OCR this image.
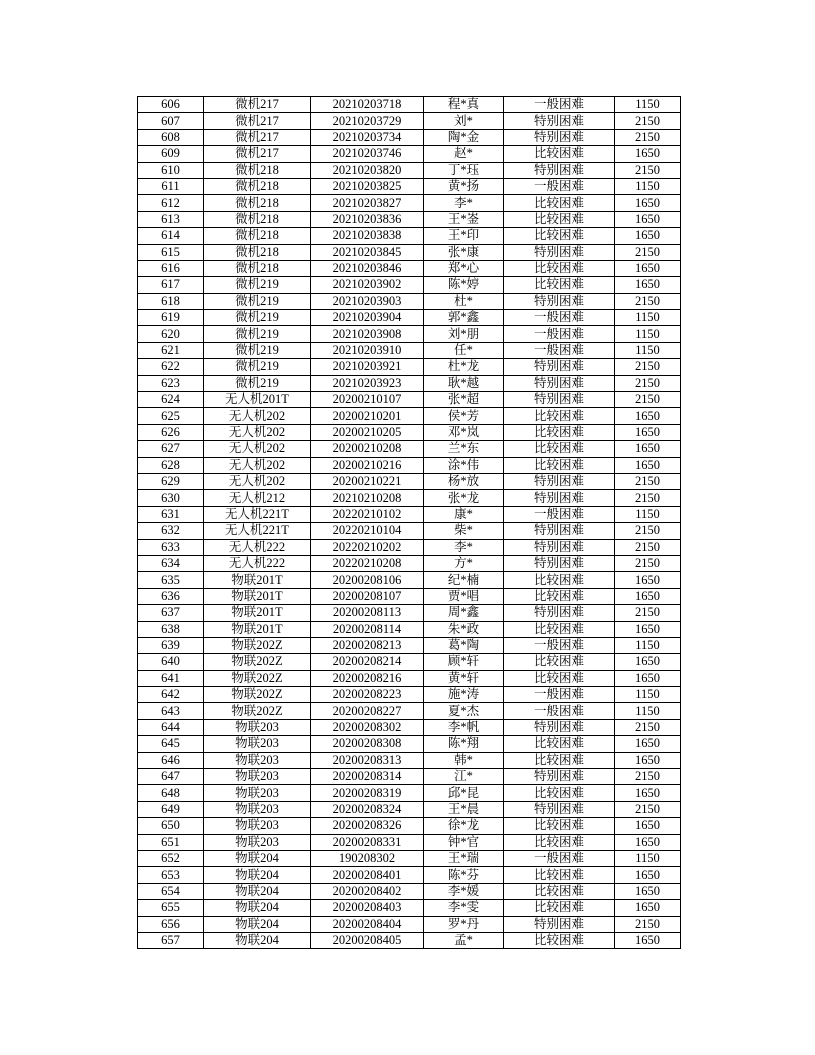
606	微机217	20210203718	程*真	一般困难	1150
607	微机217	20210203729	刘*	特别困难	2150
608	微机217	20210203734	陶*金	特别困难	2150
609	微机217	20210203746	赵*	比较困难	1650
610	微机218	20210203820	丁*珏	特别困难	2150
611	微机218	20210203825	黄*扬	一般困难	1150
612	微机218	20210203827	李*	比较困难	1650
613	微机218	20210203836	王*崟	比较困难	1650
614	微机218	20210203838	王*印	比较困难	1650
615	微机218	20210203845	张*康	特别困难	2150
616	微机218	20210203846	郑*心	比较困难	1650
617	微机219	20210203902	陈*婷	比较困难	1650
618	微机219	20210203903	杜*	特别困难	2150
619	微机219	20210203904	郭*鑫	一般困难	1150
620	微机219	20210203908	刘*朋	一般困难	1150
621	微机219	20210203910	任*	一般困难	1150
622	微机219	20210203921	杜*龙	特别困难	2150
623	微机219	20210203923	耿*越	特别困难	2150
624	无人机201T	20200210107	张*超	特别困难	2150
625	无人机202	20200210201	侯*芳	比较困难	1650
626	无人机202	20200210205	邓*岚	比较困难	1650
627	无人机202	20200210208	兰*东	比较困难	1650
628	无人机202	20200210216	涂*伟	比较困难	1650
629	无人机202	20200210221	杨*放	特别困难	2150
630	无人机212	20210210208	张*龙	特别困难	2150
631	无人机221T	20220210102	康*	一般困难	1150
632	无人机221T	20220210104	柴*	特别困难	2150
633	无人机222	20220210202	李*	特别困难	2150
634	无人机222	20220210208	方*	特别困难	2150
635	物联201T	20200208106	纪*楠	比较困难	1650
636	物联201T	20200208107	贾*唱	比较困难	1650
637	物联201T	20200208113	周*鑫	特别困难	2150
638	物联201T	20200208114	朱*政	比较困难	1650
639	物联202Z	20200208213	葛*陶	一般困难	1150
640	物联202Z	20200208214	顾*轩	比较困难	1650
641	物联202Z	20200208216	黄*轩	比较困难	1650
642	物联202Z	20200208223	施*涛	一般困难	1150
643	物联202Z	20200208227	夏*杰	一般困难	1150
644	物联203	20200208302	李*帆	特别困难	2150
645	物联203	20200208308	陈*翔	比较困难	1650
646	物联203	20200208313	韩*	比较困难	1650
647	物联203	20200208314	江*	特别困难	2150
648	物联203	20200208319	邱*昆	比较困难	1650
649	物联203	20200208324	王*晨	特别困难	2150
650	物联203	20200208326	徐*龙	比较困难	1650
651	物联203	20200208331	钟*官	比较困难	1650
652	物联204	190208302	王*瑞	一般困难	1150
653	物联204	20200208401	陈*芬	比较困难	1650
654	物联204	20200208402	李*媛	比较困难	1650
655	物联204	20200208403	李*雯	比较困难	1650
656	物联204	20200208404	罗*丹	特别困难	2150
657	物联204	20200208405	孟*	比较困难	1650
